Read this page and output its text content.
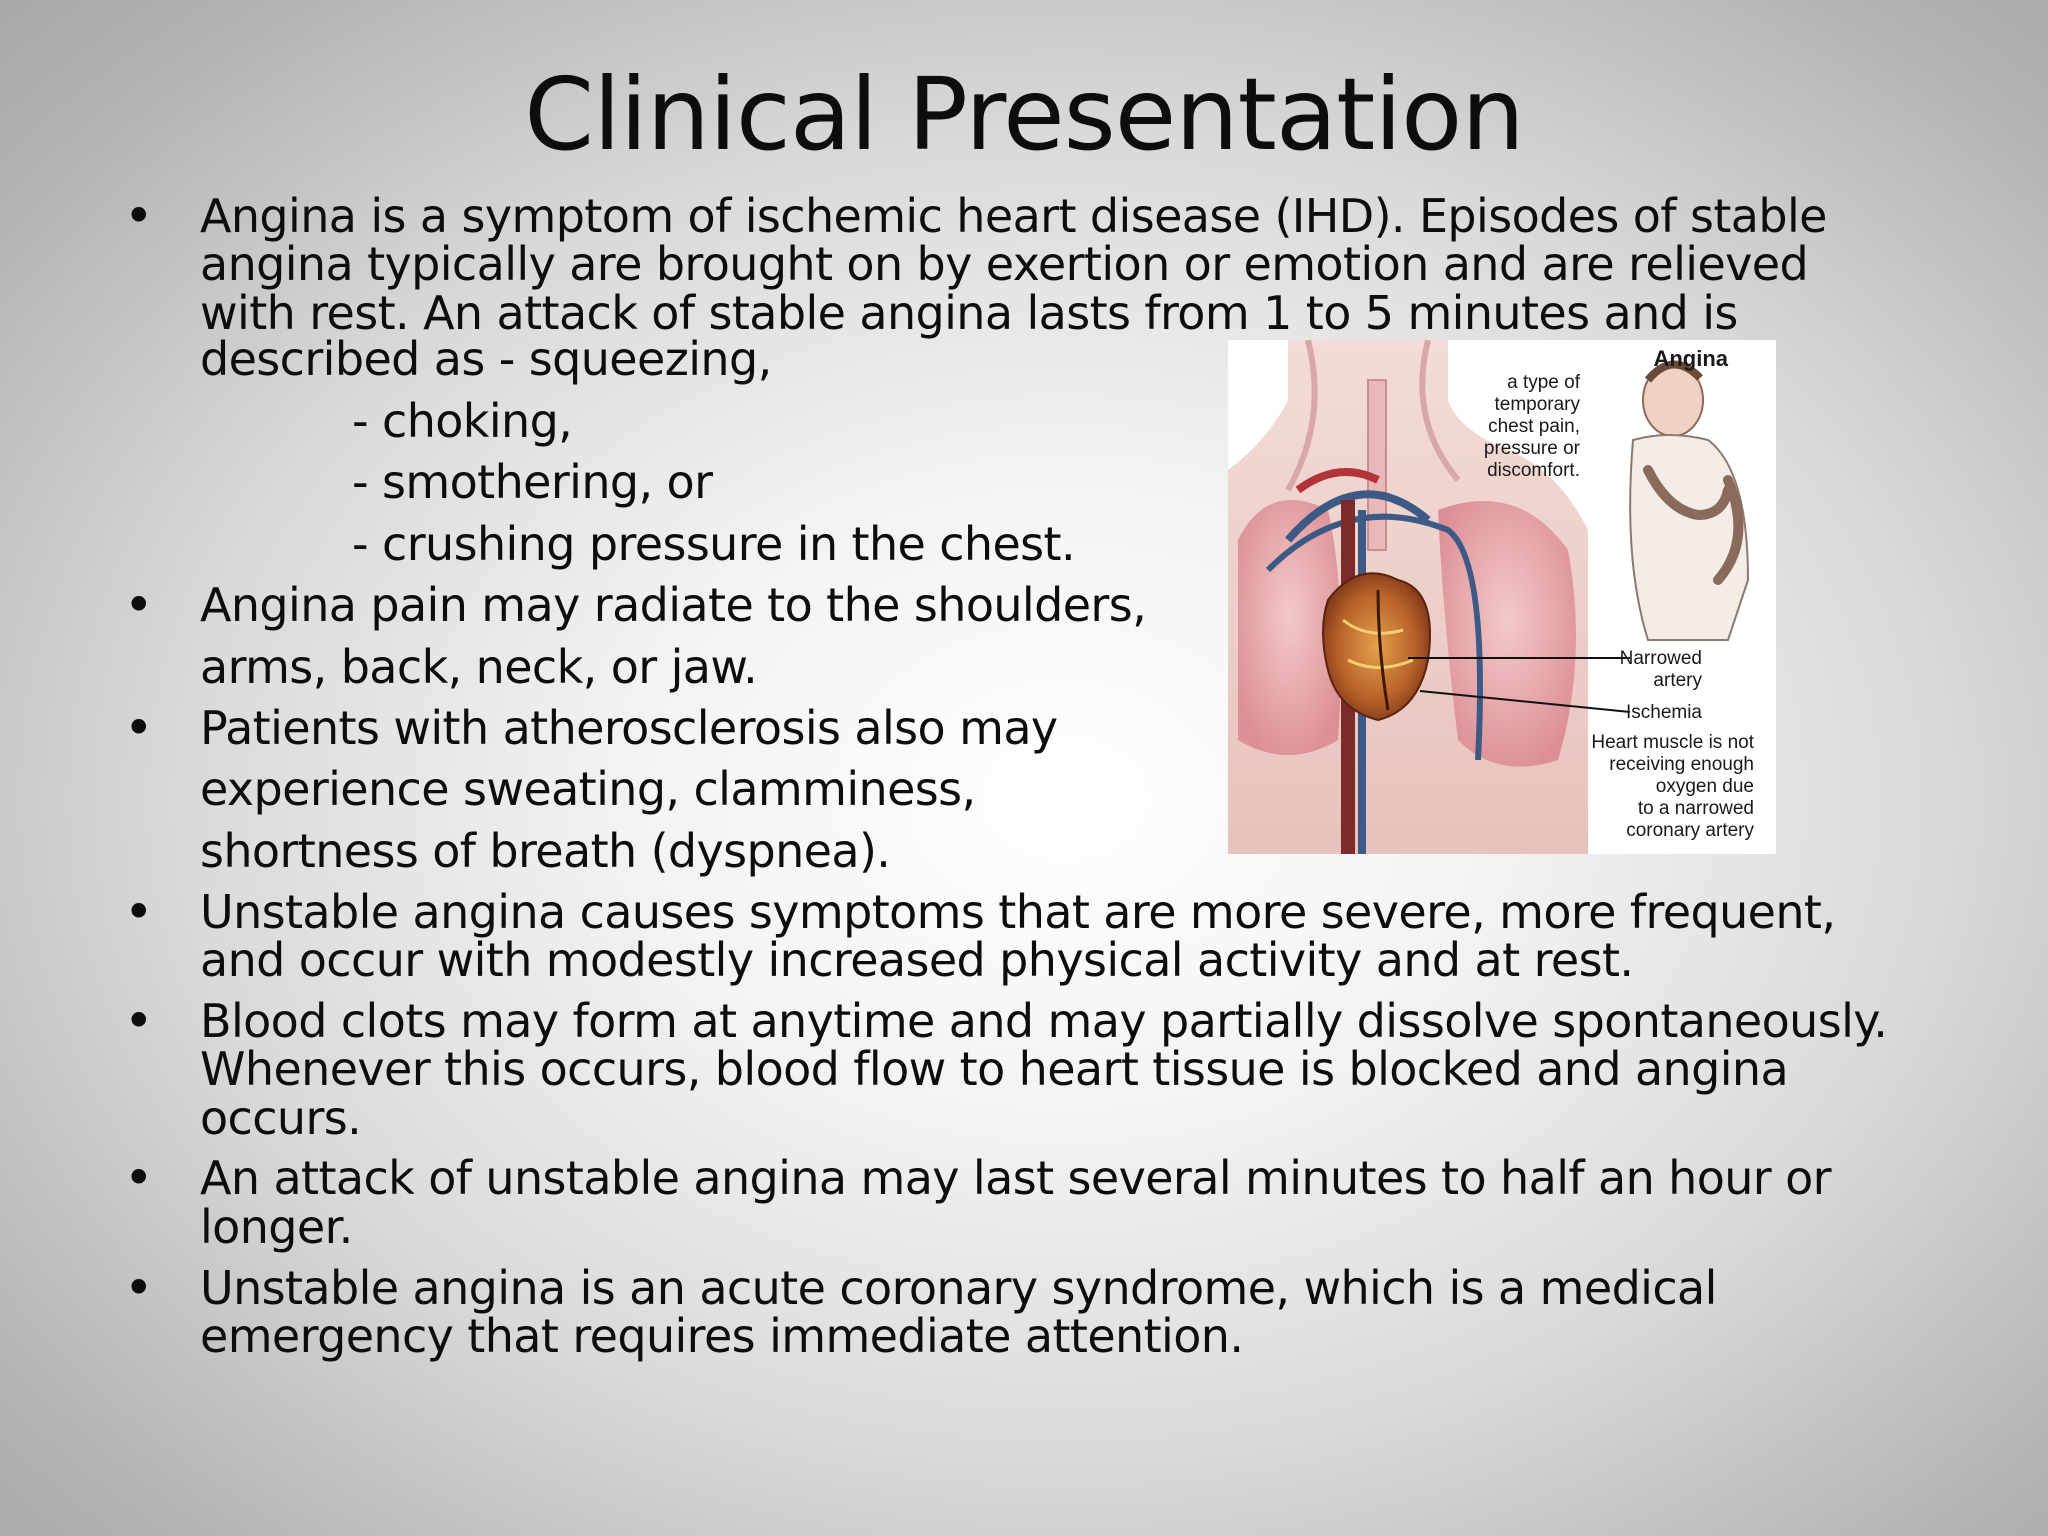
Clinical Presentation
• Angina is a symptom of ischemic heart disease (IHD). Episodes of stable
angina typically are brought on by exertion or emotion and are relieved
with rest. An attack of stable angina lasts from 1 to 5 minutes and is
described as - squeezing,
- choking,
- smothering, or
- crushing pressure in the chest.
• Angina pain may radiate to the shoulders,
arms, back, neck, or jaw.
• Patients with atherosclerosis also may
experience sweating, clamminess,
shortness of breath (dyspnea).
• Unstable angina causes symptoms that are more severe, more frequent,
and occur with modestly increased physical activity and at rest.
• Blood clots may form at anytime and may partially dissolve spontaneously.
Whenever this occurs, blood flow to heart tissue is blocked and angina
occurs.
• An attack of unstable angina may last several minutes to half an hour or
longer.
• Unstable angina is an acute coronary syndrome, which is a medical
emergency that requires immediate attention.
Angina
a type of
temporary
chest pain,
pressure or
discomfort.
Narrowed
artery
Ischemia
Heart muscle is not
receiving enough
oxygen due
to a narrowed
coronary artery
